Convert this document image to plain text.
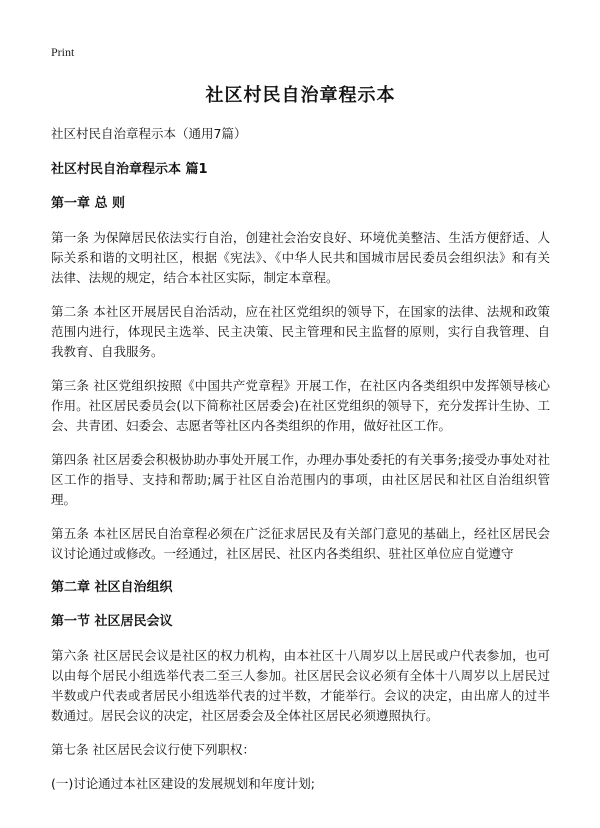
Print
社区村民自治章程示本

社区村民自治章程示本（通用7篇）

社区村民自治章程示本 篇1
第一章 总 则

第一条 为保障居民依法实行自治，创建社会治安良好、环境优美整洁、生活方便舒适、人际关系和谐的文明社区，根据《宪法》、《中华人民共和国城市居民委员会组织法》和有关法律、法规的规定，结合本社区实际，制定本章程。

第二条 本社区开展居民自治活动，应在社区党组织的领导下，在国家的法律、法规和政策范围内进行，体现民主选举、民主决策、民主管理和民主监督的原则，实行自我管理、自我教育、自我服务。

第三条 社区党组织按照《中国共产党章程》开展工作，在社区内各类组织中发挥领导核心作用。社区居民委员会(以下简称社区居委会)在社区党组织的领导下，充分发挥计生协、工会、共青团、妇委会、志愿者等社区内各类组织的作用，做好社区工作。

第四条 社区居委会积极协助办事处开展工作，办理办事处委托的有关事务;接受办事处对社区工作的指导、支持和帮助;属于社区自治范围内的事项，由社区居民和社区自治组织管理。

第五条 本社区居民自治章程必须在广泛征求居民及有关部门意见的基础上，经社区居民会议讨论通过或修改。一经通过，社区居民、社区内各类组织、驻社区单位应自觉遵守

第二章 社区自治组织
第一节 社区居民会议

第六条 社区居民会议是社区的权力机构，由本社区十八周岁以上居民或户代表参加，也可以由每个居民小组选举代表二至三人参加。社区居民会议必须有全体十八周岁以上居民过半数或户代表或者居民小组选举代表的过半数，才能举行。会议的决定，由出席人的过半数通过。居民会议的决定，社区居委会及全体社区居民必须遵照执行。

第七条 社区居民会议行使下列职权：

(一)讨论通过本社区建设的发展规划和年度计划;
